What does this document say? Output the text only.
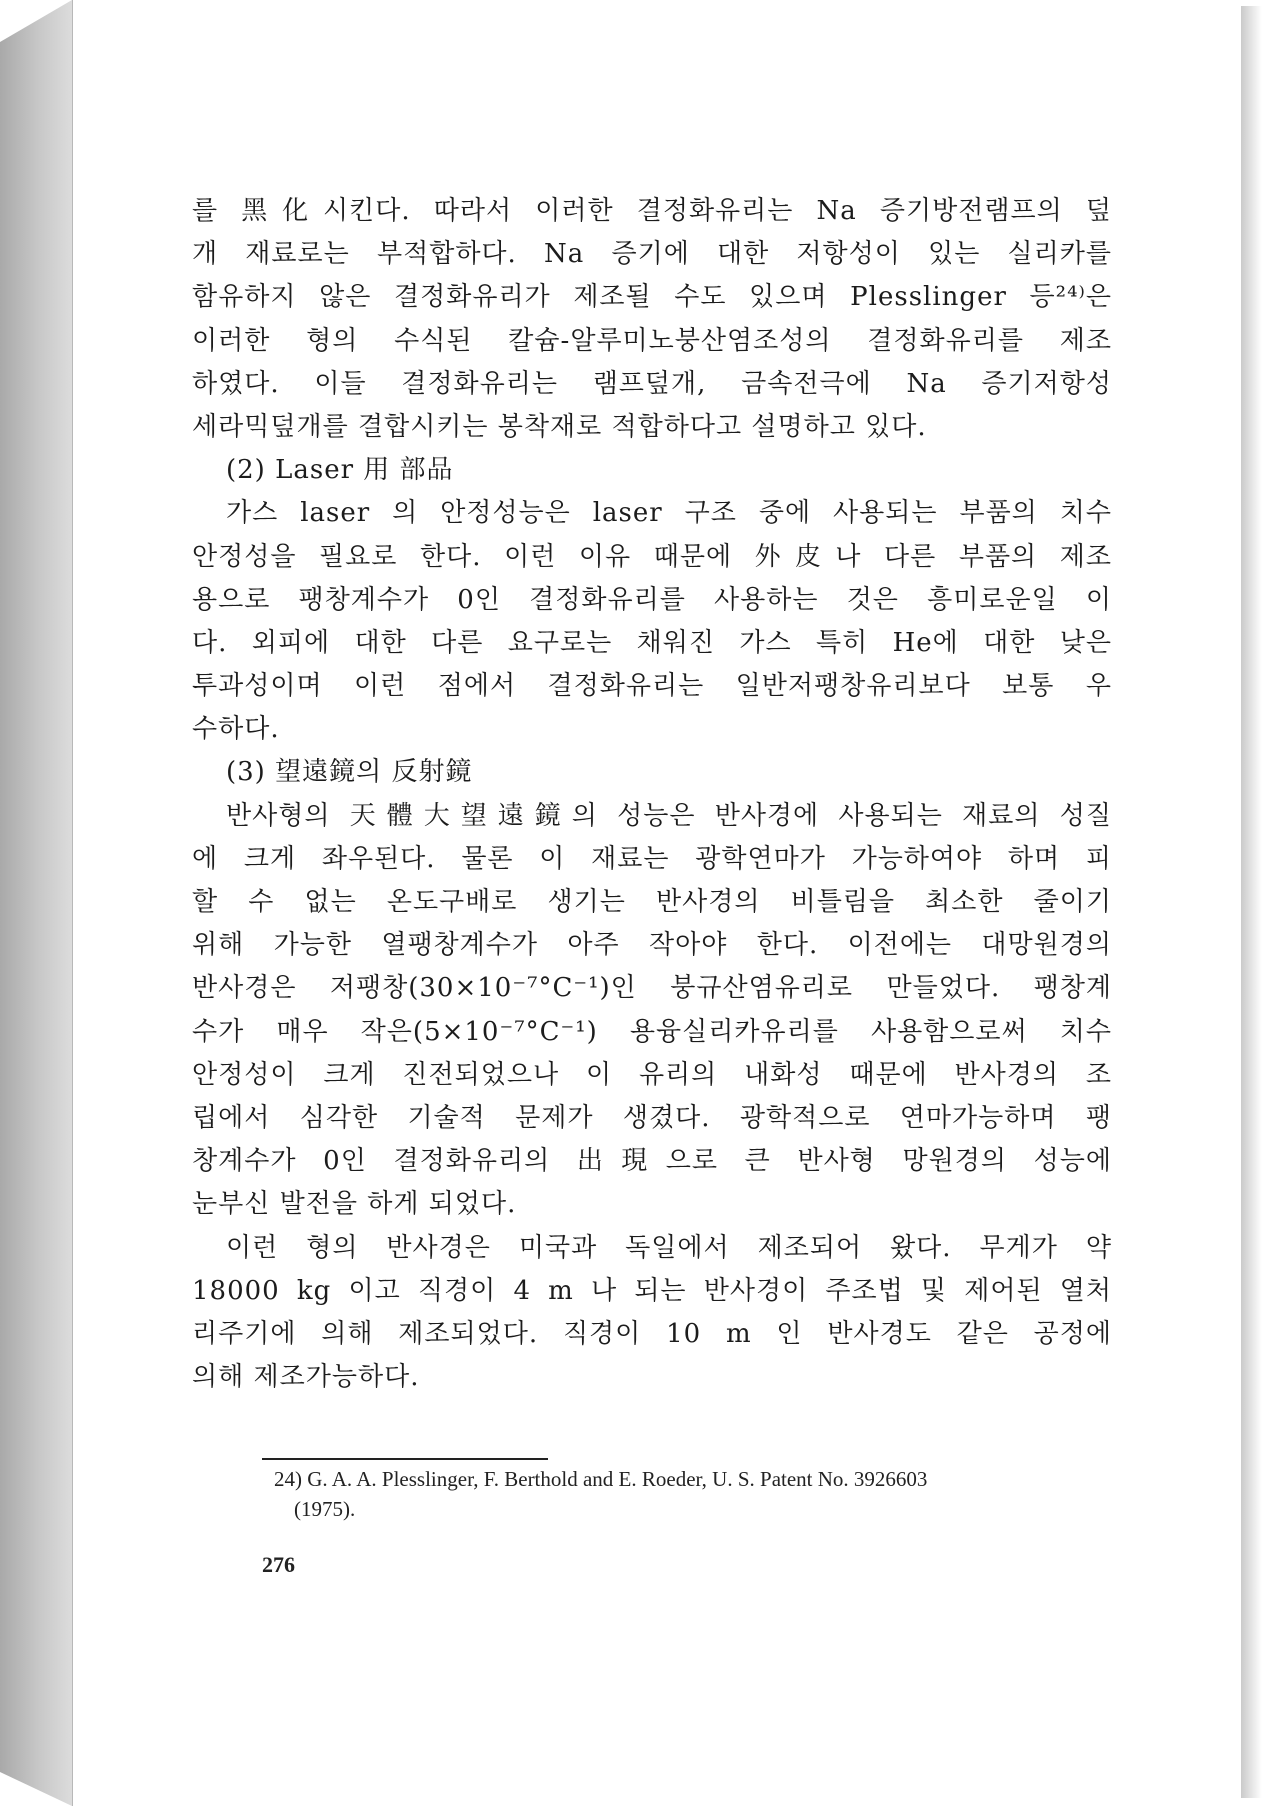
를 黑化시킨다. 따라서 이러한 결정화유리는 Na 증기방전램프의 덮
개 재료로는 부적합하다. Na 증기에 대한 저항성이 있는 실리카를
함유하지 않은 결정화유리가 제조될 수도 있으며 Plesslinger 등²⁴⁾은
이러한 형의 수식된 칼슘-알루미노붕산염조성의 결정화유리를 제조
하였다. 이들 결정화유리는 램프덮개, 금속전극에 Na 증기저항성
세라믹덮개를 결합시키는 봉착재로 적합하다고 설명하고 있다.
(2) Laser 用 部品
가스 laser 의 안정성능은 laser 구조 중에 사용되는 부품의 치수
안정성을 필요로 한다. 이런 이유 때문에 外皮나 다른 부품의 제조
용으로 팽창계수가 0인 결정화유리를 사용하는 것은 흥미로운일 이
다. 외피에 대한 다른 요구로는 채워진 가스 특히 He에 대한 낮은
투과성이며 이런 점에서 결정화유리는 일반저팽창유리보다 보통 우
수하다.
(3) 望遠鏡의 反射鏡
반사형의 天體大望遠鏡의 성능은 반사경에 사용되는 재료의 성질
에 크게 좌우된다. 물론 이 재료는 광학연마가 가능하여야 하며 피
할 수 없는 온도구배로 생기는 반사경의 비틀림을 최소한 줄이기
위해 가능한 열팽창계수가 아주 작아야 한다. 이전에는 대망원경의
반사경은 저팽창(30×10⁻⁷°C⁻¹)인 붕규산염유리로 만들었다. 팽창계
수가 매우 작은(5×10⁻⁷°C⁻¹) 용융실리카유리를 사용함으로써 치수
안정성이 크게 진전되었으나 이 유리의 내화성 때문에 반사경의 조
립에서 심각한 기술적 문제가 생겼다. 광학적으로 연마가능하며 팽
창계수가 0인 결정화유리의 出現으로 큰 반사형 망원경의 성능에
눈부신 발전을 하게 되었다.
이런 형의 반사경은 미국과 독일에서 제조되어 왔다. 무게가 약
18000 kg 이고 직경이 4 m 나 되는 반사경이 주조법 및 제어된 열처
리주기에 의해 제조되었다. 직경이 10 m 인 반사경도 같은 공정에
의해 제조가능하다.
24) G. A. A. Plesslinger, F. Berthold and E. Roeder, U. S. Patent No. 3926603
(1975).
276
